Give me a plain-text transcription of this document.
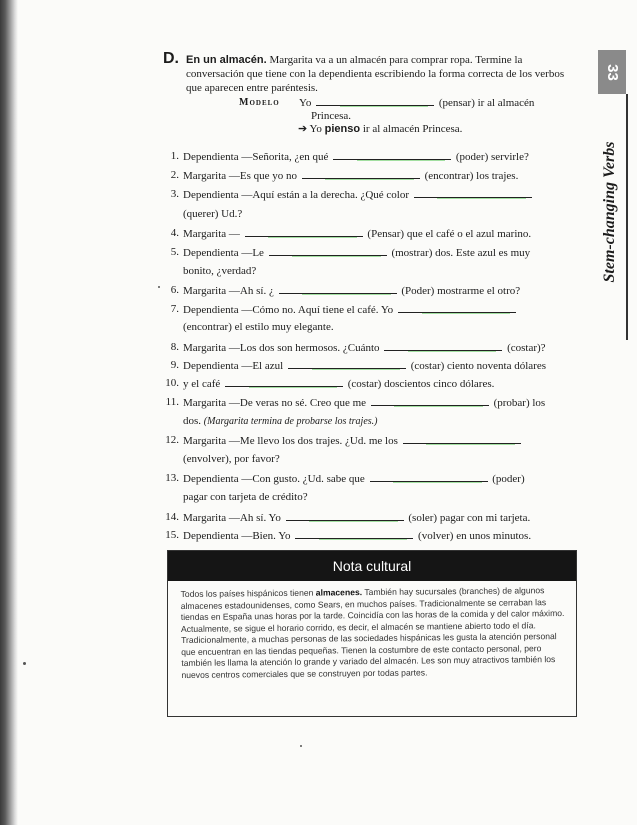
D. En un almacén. Margarita va a un almacén para comprar ropa. Termine la conversación que tiene con la dependienta escribiendo la forma correcta de los verbos que aparecen entre paréntesis.
Modelo Yo	(pensar) ir al almacén
Princesa.
➔ Yo pienso ir al almacén Princesa.
1. Dependienta —Señorita, ¿en qué	(poder) servirle?
2. Margarita —Es que yo no	(encontrar) los trajes.
3. Dependienta —Aquí están a la derecha. ¿Qué color
(querer) Ud.?
4. Margarita —	(Pensar) que el café o el azul marino.
5. Dependienta —Le	(mostrar) dos. Este azul es muy
bonito, ¿verdad?
6. Margarita —Ah sí. ¿	(Poder) mostrarme el otro?
7. Dependienta —Cómo no. Aquí tiene el café. Yo
(encontrar) el estilo muy elegante.
8. Margarita —Los dos son hermosos. ¿Cuánto	(costar)?
9. Dependienta —El azul	(costar) ciento noventa dólares
10. y el café	(costar) doscientos cinco dólares.
11. Margarita —De veras no sé. Creo que me	(probar) los
dos. (Margarita termina de probarse los trajes.)
12. Margarita —Me llevo los dos trajes. ¿Ud. me los
(envolver), por favor?
13. Dependienta —Con gusto. ¿Ud. sabe que	(poder)
pagar con tarjeta de crédito?
14. Margarita —Ah sí. Yo	(soler) pagar con mi tarjeta.
15. Dependienta —Bien. Yo	(volver) en unos minutos.
33
Stem-changing Verbs
Nota cultural
Todos los países hispánicos tienen almacenes. También hay sucursales (branches) de algunos almacenes estadounidenses, como Sears, en muchos países. Tradicionalmente se cerraban las tiendas en España unas horas por la tarde. Coincidía con las horas de la comida y del calor máximo. Actualmente, se sigue el horario corrido, es decir, el almacén se mantiene abierto todo el día. Tradicionalmente, a muchas personas de las sociedades hispánicas les gusta la atención personal que encuentran en las tiendas pequeñas. Tienen la costumbre de este contacto personal, pero también les llama la atención lo grande y variado del almacén. Les son muy atractivos también los nuevos centros comerciales que se construyen por todas partes.
